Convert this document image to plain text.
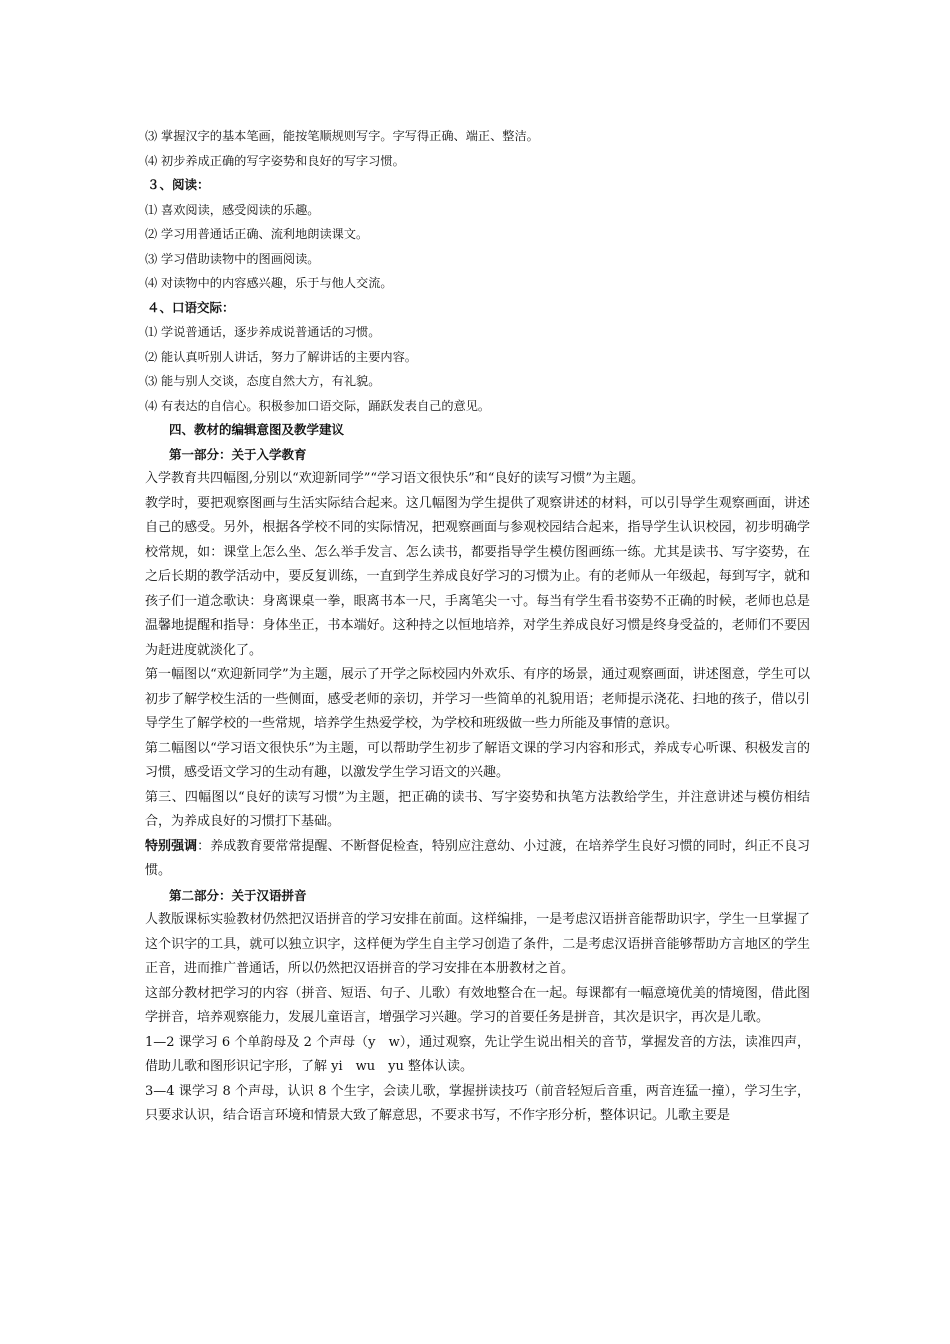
⑶ 掌握汉字的基本笔画，能按笔顺规则写字。字写得正确、端正、整洁。

⑷ 初步养成正确的写字姿势和良好的写字习惯。

３、阅读：

⑴ 喜欢阅读，感受阅读的乐趣。

⑵ 学习用普通话正确、流利地朗读课文。

⑶ 学习借助读物中的图画阅读。

⑷ 对读物中的内容感兴趣，乐于与他人交流。

４、口语交际：

⑴ 学说普通话，逐步养成说普通话的习惯。

⑵ 能认真听别人讲话，努力了解讲话的主要内容。

⑶ 能与别人交谈，态度自然大方，有礼貌。

⑷ 有表达的自信心。积极参加口语交际，踊跃发表自己的意见。

四、教材的编辑意图及教学建议

第一部分：关于入学教育

入学教育共四幅图,分别以“欢迎新同学”“学习语文很快乐”和“良好的读写习惯”为主题。

教学时，要把观察图画与生活实际结合起来。这几幅图为学生提供了观察讲述的材料，可以引导学生观察画面，讲述自己的感受。另外，根据各学校不同的实际情况，把观察画面与参观校园结合起来，指导学生认识校园，初步明确学校常规，如：课堂上怎么坐、怎么举手发言、怎么读书，都要指导学生模仿图画练一练。尤其是读书、写字姿势，在之后长期的教学活动中，要反复训练，一直到学生养成良好学习的习惯为止。有的老师从一年级起，每到写字，就和孩子们一道念歌诀：身离课桌一拳，眼离书本一尺，手离笔尖一寸。每当有学生看书姿势不正确的时候，老师也总是温馨地提醒和指导：身体坐正，书本端好。这种持之以恒地培养，对学生养成良好习惯是终身受益的，老师们不要因为赶进度就淡化了。

第一幅图以“欢迎新同学”为主题，展示了开学之际校园内外欢乐、有序的场景，通过观察画面，讲述图意，学生可以初步了解学校生活的一些侧面，感受老师的亲切，并学习一些简单的礼貌用语；老师提示浇花、扫地的孩子，借以引导学生了解学校的一些常规，培养学生热爱学校，为学校和班级做一些力所能及事情的意识。

第二幅图以“学习语文很快乐”为主题，可以帮助学生初步了解语文课的学习内容和形式，养成专心听课、积极发言的习惯，感受语文学习的生动有趣，以激发学生学习语文的兴趣。

第三、四幅图以“良好的读写习惯”为主题，把正确的读书、写字姿势和执笔方法教给学生，并注意讲述与模仿相结合，为养成良好的习惯打下基础。

特别强调：养成教育要常常提醒、不断督促检查，特别应注意幼、小过渡，在培养学生良好习惯的同时，纠正不良习惯。

第二部分：关于汉语拼音

人教版课标实验教材仍然把汉语拼音的学习安排在前面。这样编排，一是考虑汉语拼音能帮助识字，学生一旦掌握了这个识字的工具，就可以独立识字，这样便为学生自主学习创造了条件，二是考虑汉语拼音能够帮助方言地区的学生正音，进而推广普通话，所以仍然把汉语拼音的学习安排在本册教材之首。

这部分教材把学习的内容（拼音、短语、句子、儿歌）有效地整合在一起。每课都有一幅意境优美的情境图，借此图学拼音，培养观察能力，发展儿童语言，增强学习兴趣。学习的首要任务是拼音，其次是识字，再次是儿歌。

1—2 课学习 6 个单韵母及 2 个声母（y　w），通过观察，先让学生说出相关的音节，掌握发音的方法，读准四声，借助儿歌和图形识记字形，了解 yi　wu　yu 整体认读。

3—4 课学习 8 个声母，认识 8 个生字，会读儿歌，掌握拼读技巧（前音轻短后音重，两音连猛一撞），学习生字，只要求认识，结合语言环境和情景大致了解意思，不要求书写，不作字形分析，整体识记。儿歌主要是
